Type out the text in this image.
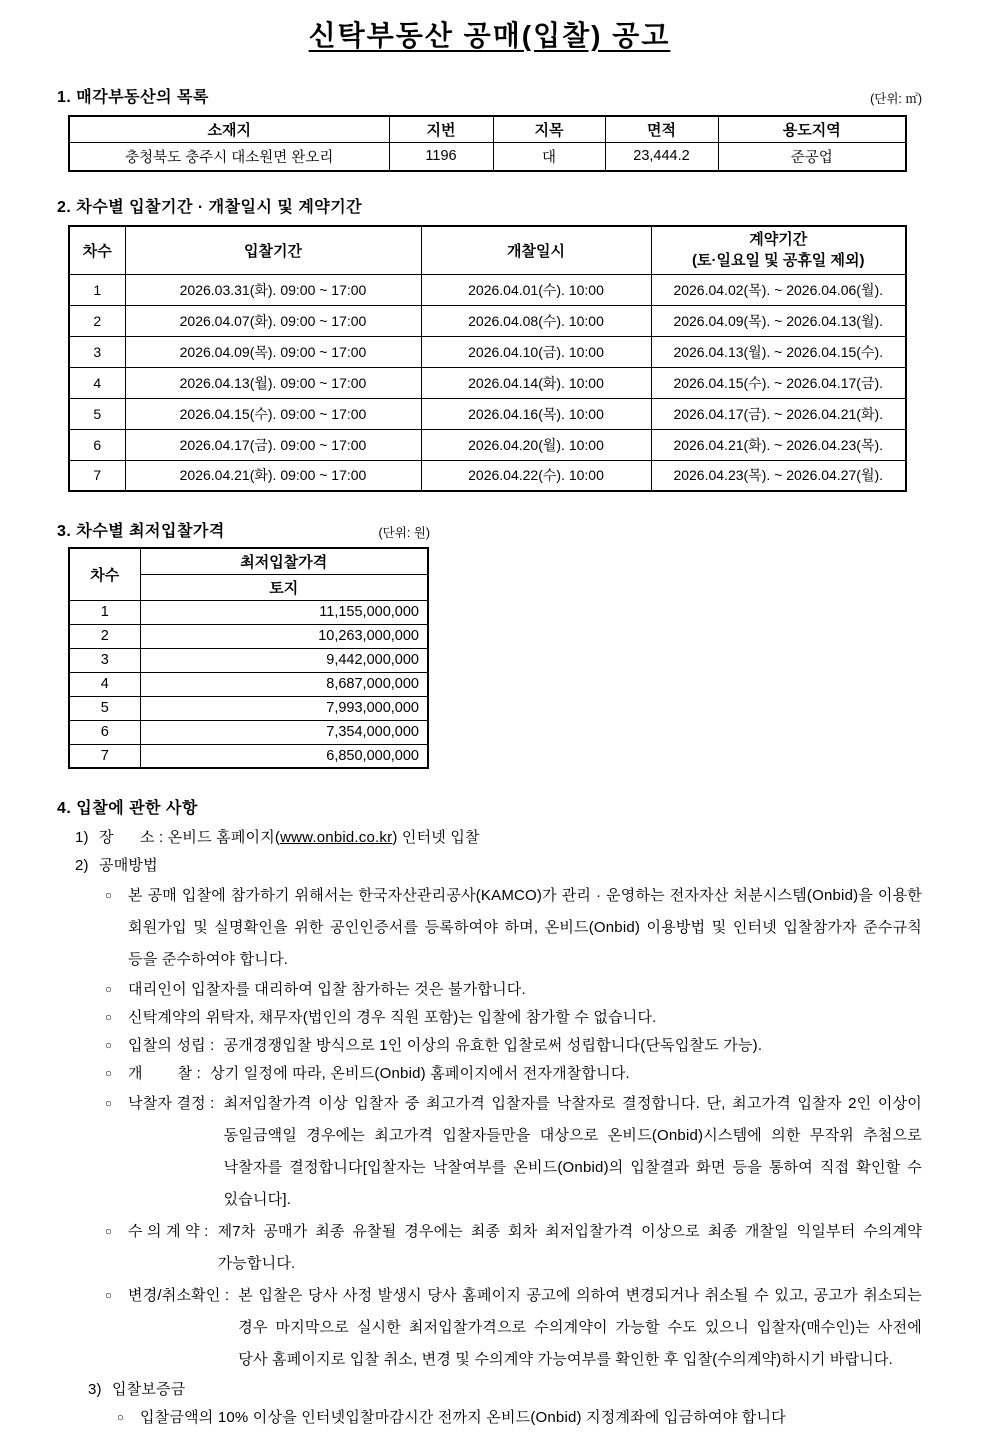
신탁부동산 공매(입찰) 공고
1. 매각부동산의 목록	(단위: ㎡)
소재지	지번	지목	면적	용도지역
충청북도 충주시 대소원면 완오리	1196	대	23,444.2	준공업
2. 차수별 입찰기간 · 개찰일시 및 계약기간
차수	입찰기간	개찰일시	계약기간
(토·일요일 및 공휴일 제외)

1	2026.03.31(화). 09:00 ~ 17:00	2026.04.01(수). 10:00	2026.04.02(목). ~ 2026.04.06(월).
2	2026.04.07(화). 09:00 ~ 17:00	2026.04.08(수). 10:00	2026.04.09(목). ~ 2026.04.13(월).
3	2026.04.09(목). 09:00 ~ 17:00	2026.04.10(금). 10:00	2026.04.13(월). ~ 2026.04.15(수).
4	2026.04.13(월). 09:00 ~ 17:00	2026.04.14(화). 10:00	2026.04.15(수). ~ 2026.04.17(금).
5	2026.04.15(수). 09:00 ~ 17:00	2026.04.16(목). 10:00	2026.04.17(금). ~ 2026.04.21(화).
6	2026.04.17(금). 09:00 ~ 17:00	2026.04.20(월). 10:00	2026.04.21(화). ~ 2026.04.23(목).
7	2026.04.21(화). 09:00 ~ 17:00	2026.04.22(수). 10:00	2026.04.23(목). ~ 2026.04.27(월).
3. 차수별 최저입찰가격	(단위: 원)
차수	최저입찰가격
	토지
1	11,155,000,000
2	10,263,000,000
3	9,442,000,000
4	8,687,000,000
5	7,993,000,000
6	7,354,000,000
7	6,850,000,000
4. 입찰에 관한 사항
1) 장      소 : 온비드 홈페이지(www.onbid.co.kr) 인터넷 입찰
2) 공매방법
○	본 공매 입찰에 참가하기 위해서는 한국자산관리공사(KAMCO)가 관리 · 운영하는 전자자산 처분시스템(Onbid)을 이용한 회원가입 및 실명확인을 위한 공인인증서를 등록하여야 하며, 온비드(Onbid) 이용방법 및 인터넷 입찰참가자 준수규칙 등을 준수하여야 합니다.
○	대리인이 입찰자를 대리하여 입찰 참가하는 것은 불가합니다.
○	신탁계약의 위탁자, 채무자(법인의 경우 직원 포함)는 입찰에 참가할 수 없습니다.
○	입찰의 성립 : 공개경쟁입찰 방식으로 1인 이상의 유효한 입찰로써 성립합니다(단독입찰도 가능).
○	개        찰 : 상기 일정에 따라, 온비드(Onbid) 홈페이지에서 전자개찰합니다.
○	낙찰자 결정 : 최저입찰가격 이상 입찰자 중 최고가격 입찰자를 낙찰자로 결정합니다. 단, 최고가격 입찰자 2인 이상이 동일금액일 경우에는 최고가격 입찰자들만을 대상으로 온비드(Onbid)시스템에 의한 무작위 추첨으로 낙찰자를 결정합니다[입찰자는 낙찰여부를 온비드(Onbid)의 입찰결과 화면 등을 통하여 직접 확인할 수 있습니다].
○	수 의 계 약 : 제7차 공매가 최종 유찰될 경우에는 최종 회차 최저입찰가격 이상으로 최종 개찰일 익일부터 수의계약 가능합니다.
○	변경/취소확인 : 본 입찰은 당사 사정 발생시 당사 홈페이지 공고에 의하여 변경되거나 취소될 수 있고, 공고가 취소되는 경우 마지막으로 실시한 최저입찰가격으로 수의계약이 가능할 수도 있으니 입찰자(매수인)는 사전에 당사 홈페이지로 입찰 취소, 변경 및 수의계약 가능여부를 확인한 후 입찰(수의계약)하시기 바랍니다.
3) 입찰보증금
○	입찰금액의 10% 이상을 인터넷입찰마감시간 전까지 온비드(Onbid) 지정계좌에 입금하여야 합니다
